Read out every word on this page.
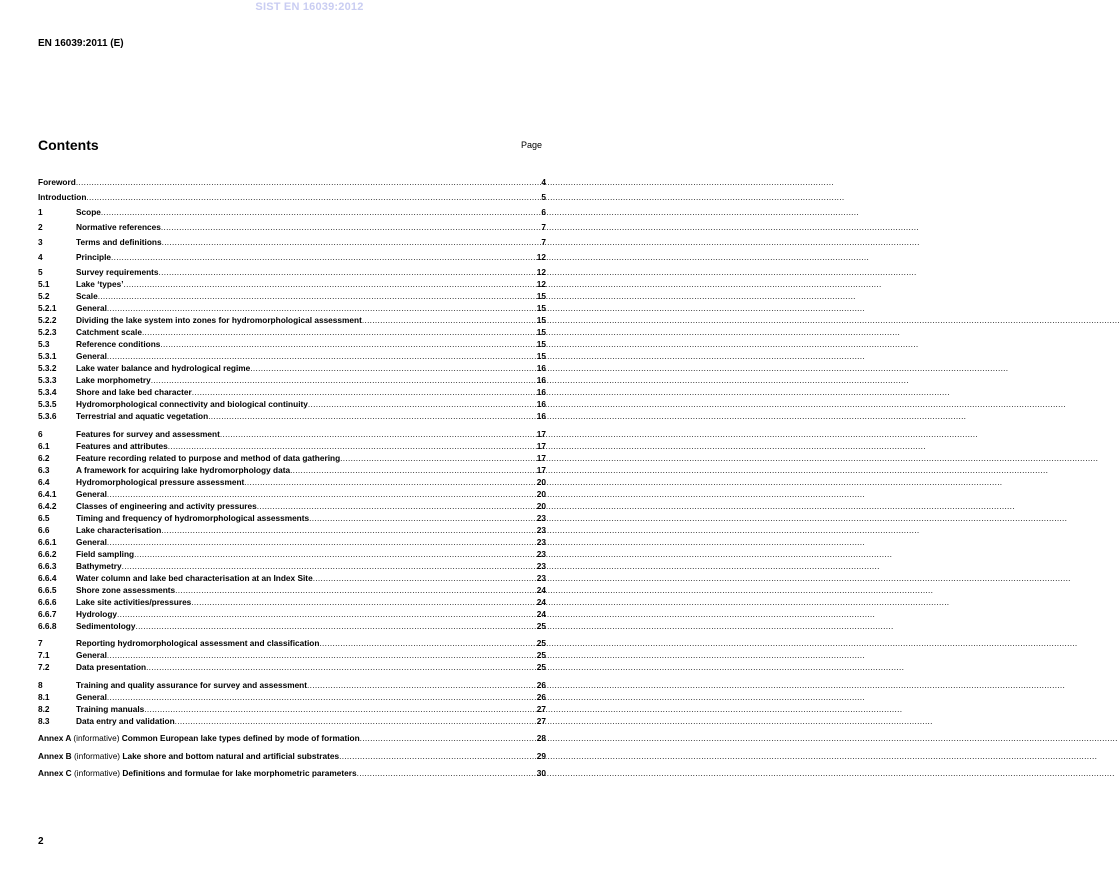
SIST EN 16039:2012
EN 16039:2011 (E)
Contents	Page
Foreword .....	4
Introduction .....	5
1	Scope .....	6
2	Normative references .....	7
3	Terms and definitions .....	7
4	Principle .....	12
5	Survey requirements .....	12
5.1	Lake ‘types’ .....	12
5.2	Scale .....	15
5.2.1	General .....	15
5.2.2	Dividing the lake system into zones for hydromorphological assessment .....	15
5.2.3	Catchment scale .....	15
5.3	Reference conditions .....	15
5.3.1	General .....	15
5.3.2	Lake water balance and hydrological regime .....	16
5.3.3	Lake morphometry .....	16
5.3.4	Shore and lake bed character .....	16
5.3.5	Hydromorphological connectivity and biological continuity .....	16
5.3.6	Terrestrial and aquatic vegetation .....	16
6	Features for survey and assessment .....	17
6.1	Features and attributes .....	17
6.2	Feature recording related to purpose and method of data gathering .....	17
6.3	A framework for acquiring lake hydromorphology data .....	17
6.4	Hydromorphological pressure assessment .....	20
6.4.1	General .....	20
6.4.2	Classes of engineering and activity pressures .....	20
6.5	Timing and frequency of hydromorphological assessments .....	23
6.6	Lake characterisation .....	23
6.6.1	General .....	23
6.6.2	Field sampling .....	23
6.6.3	Bathymetry .....	23
6.6.4	Water column and lake bed characterisation at an Index Site .....	23
6.6.5	Shore zone assessments .....	24
6.6.6	Lake site activities/pressures .....	24
6.6.7	Hydrology .....	24
6.6.8	Sedimentology .....	25
7	Reporting hydromorphological assessment and classification .....	25
7.1	General .....	25
7.2	Data presentation .....	25
8	Training and quality assurance for survey and assessment .....	26
8.1	General .....	26
8.2	Training manuals .....	27
8.3	Data entry and validation .....	27
Annex A (informative) Common European lake types defined by mode of formation .....	28
Annex B (informative) Lake shore and bottom natural and artificial substrates .....	29
Annex C (informative) Definitions and formulae for lake morphometric parameters .....	30
2
